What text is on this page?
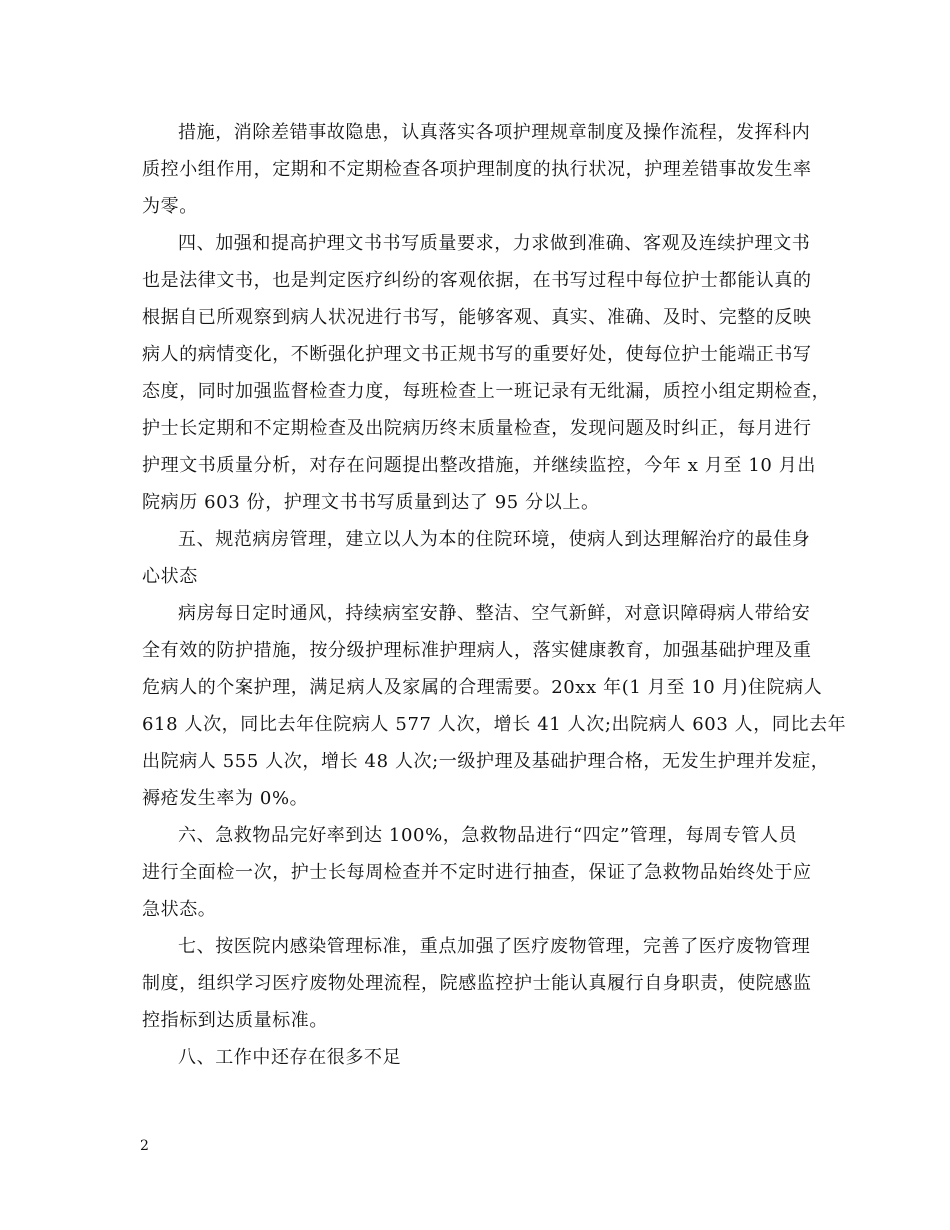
措施，消除差错事故隐患，认真落实各项护理规章制度及操作流程，发挥科内
质控小组作用，定期和不定期检查各项护理制度的执行状况，护理差错事故发生率
为零。
四、加强和提高护理文书书写质量要求，力求做到准确、客观及连续护理文书
也是法律文书，也是判定医疗纠纷的客观依据，在书写过程中每位护士都能认真的
根据自已所观察到病人状况进行书写，能够客观、真实、准确、及时、完整的反映
病人的病情变化，不断强化护理文书正规书写的重要好处，使每位护士能端正书写
态度，同时加强监督检查力度，每班检查上一班记录有无纰漏，质控小组定期检查，
护士长定期和不定期检查及出院病历终末质量检查，发现问题及时纠正，每月进行
护理文书质量分析，对存在问题提出整改措施，并继续监控，今年 x 月至 10 月出
院病历 603 份，护理文书书写质量到达了 95 分以上。
五、规范病房管理，建立以人为本的住院环境，使病人到达理解治疗的最佳身
心状态
病房每日定时通风，持续病室安静、整洁、空气新鲜，对意识障碍病人带给安
全有效的防护措施，按分级护理标准护理病人，落实健康教育，加强基础护理及重
危病人的个案护理，满足病人及家属的合理需要。20xx 年(1 月至 10 月)住院病人
618 人次，同比去年住院病人 577 人次，增长 41 人次;出院病人 603 人，同比去年
出院病人 555 人次，增长 48 人次;一级护理及基础护理合格，无发生护理并发症，
褥疮发生率为 0%。
六、急救物品完好率到达 100%，急救物品进行“四定”管理，每周专管人员
进行全面检一次，护士长每周检查并不定时进行抽查，保证了急救物品始终处于应
急状态。
七、按医院内感染管理标准，重点加强了医疗废物管理，完善了医疗废物管理
制度，组织学习医疗废物处理流程，院感监控护士能认真履行自身职责，使院感监
控指标到达质量标准。
八、工作中还存在很多不足
2
